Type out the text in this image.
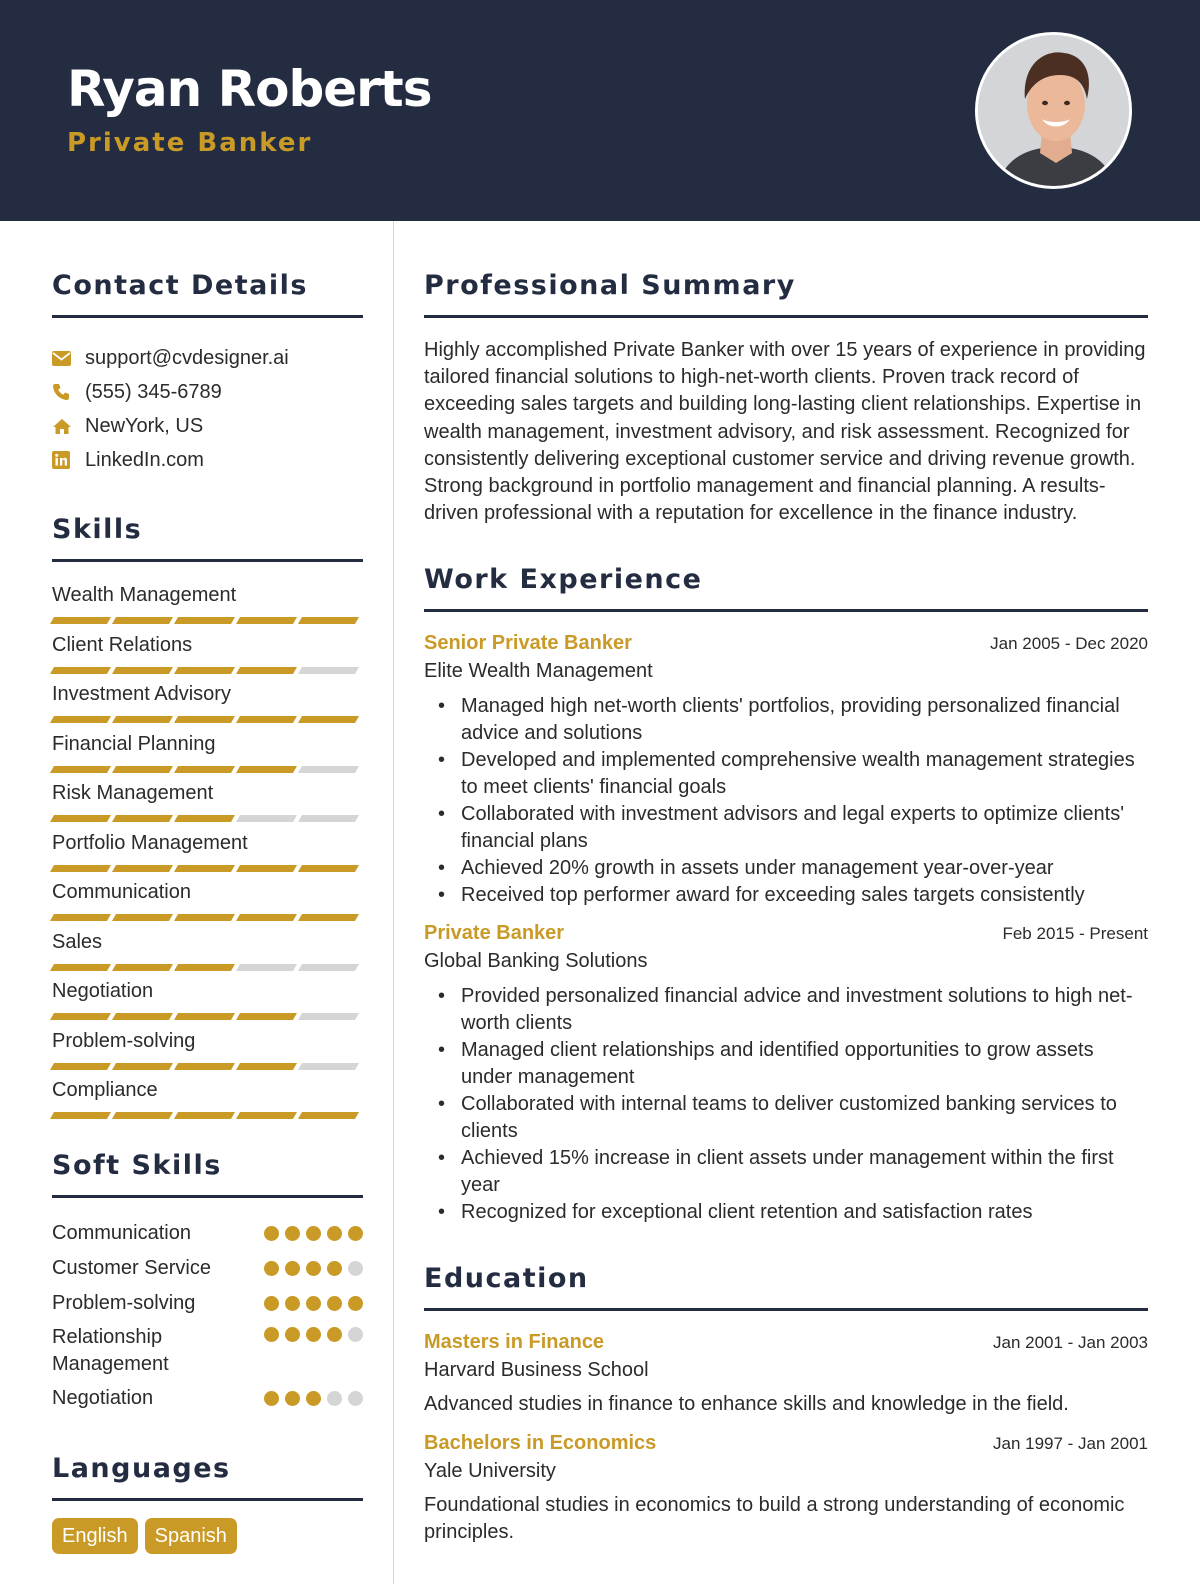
Ryan Roberts
Private Banker
Contact Details
support@cvdesigner.ai
(555) 345-6789
NewYork, US
LinkedIn.com
Skills
Wealth Management
Client Relations
Investment Advisory
Financial Planning
Risk Management
Portfolio Management
Communication
Sales
Negotiation
Problem-solving
Compliance
Soft Skills
Communication
Customer Service
Problem-solving
Relationship Management
Negotiation
Languages
English	Spanish
Professional Summary

Highly accomplished Private Banker with over 15 years of experience in providing tailored financial solutions to high-net-worth clients. Proven track record of exceeding sales targets and building long-lasting client relationships. Expertise in wealth management, investment advisory, and risk assessment. Recognized for consistently delivering exceptional customer service and driving revenue growth. Strong background in portfolio management and financial planning. A results-driven professional with a reputation for excellence in the finance industry.

Work Experience
Senior Private Banker	Jan 2005 - Dec 2020
Elite Wealth Management
• Managed high net-worth clients' portfolios, providing personalized financial advice and solutions
• Developed and implemented comprehensive wealth management strategies to meet clients' financial goals
• Collaborated with investment advisors and legal experts to optimize clients' financial plans
• Achieved 20% growth in assets under management year-over-year
• Received top performer award for exceeding sales targets consistently
Private Banker	Feb 2015 - Present
Global Banking Solutions
• Provided personalized financial advice and investment solutions to high net-worth clients
• Managed client relationships and identified opportunities to grow assets under management
• Collaborated with internal teams to deliver customized banking services to clients
• Achieved 15% increase in client assets under management within the first year
• Recognized for exceptional client retention and satisfaction rates
Education
Masters in Finance	Jan 2001 - Jan 2003
Harvard Business School
Advanced studies in finance to enhance skills and knowledge in the field.
Bachelors in Economics	Jan 1997 - Jan 2001
Yale University
Foundational studies in economics to build a strong understanding of economic principles.
